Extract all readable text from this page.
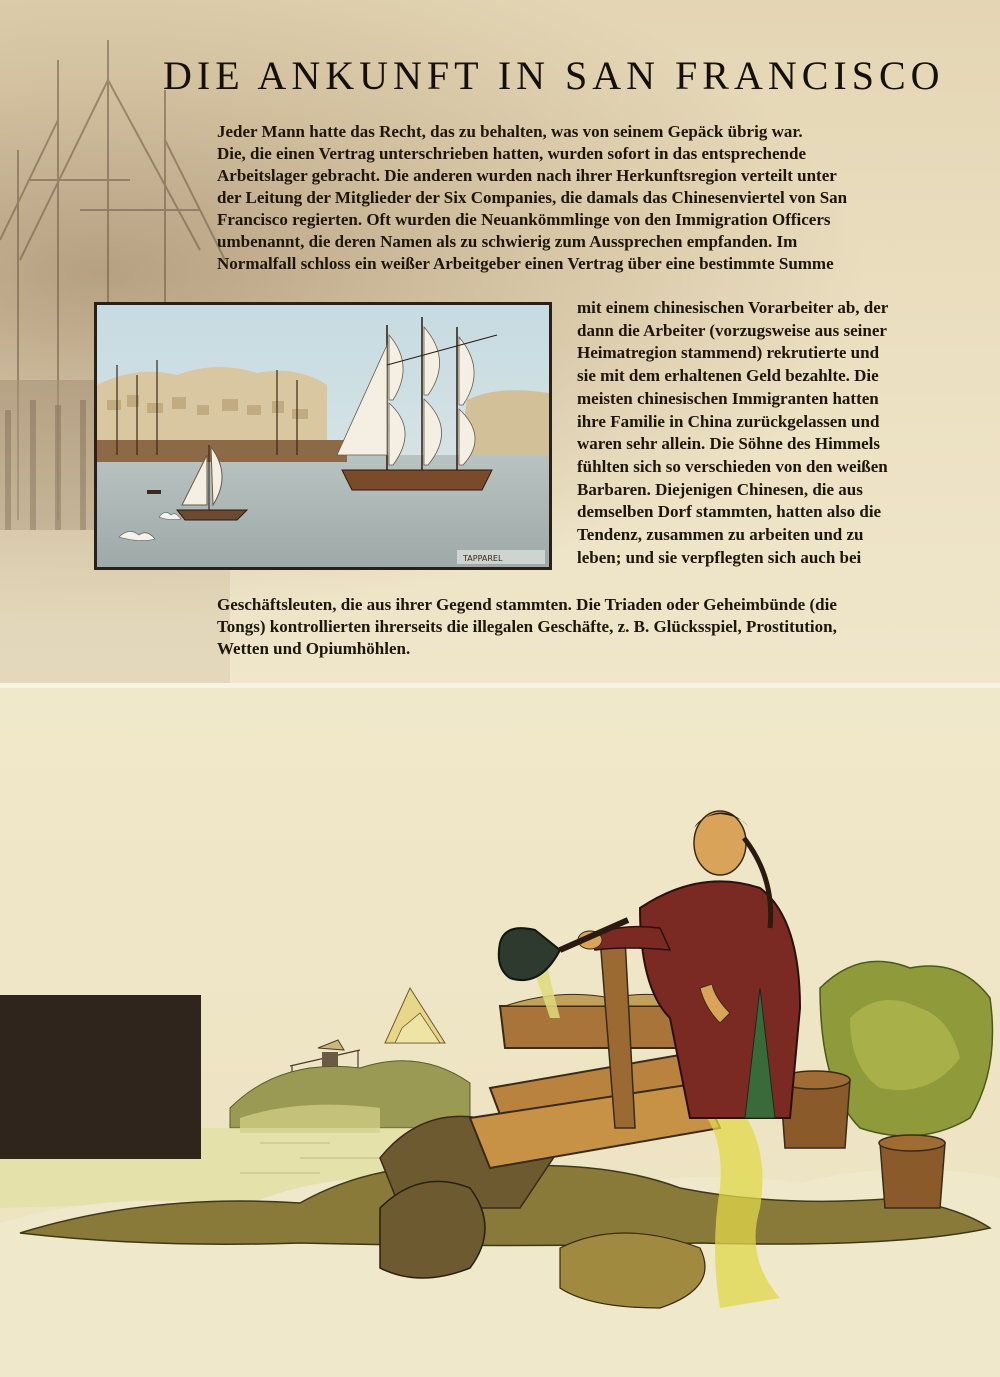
DIE ANKUNFT IN SAN FRANCISCO
Jeder Mann hatte das Recht, das zu behalten, was von seinem Gepäck übrig war.
Die, die einen Vertrag unterschrieben hatten, wurden sofort in das entsprechende
Arbeitslager gebracht. Die anderen wurden nach ihrer Herkunftsregion verteilt unter
der Leitung der Mitglieder der Six Companies, die damals das Chinesenviertel von San
Francisco regierten. Oft wurden die Neuankömmlinge von den Immigration Officers
umbenannt, die deren Namen als zu schwierig zum Aussprechen empfanden. Im
Normalfall schloss ein weißer Arbeitgeber einen Vertrag über eine bestimmte Summe
TAPPAREL
mit einem chinesischen Vorarbeiter ab, der
dann die Arbeiter (vorzugsweise aus seiner
Heimatregion stammend) rekrutierte und
sie mit dem erhaltenen Geld bezahlte. Die
meisten chinesischen Immigranten hatten
ihre Familie in China zurückgelassen und
waren sehr allein. Die Söhne des Himmels
fühlten sich so verschieden von den weißen
Barbaren. Diejenigen Chinesen, die aus
demselben Dorf stammten, hatten also die
Tendenz, zusammen zu arbeiten und zu
leben; und sie verpflegten sich auch bei
Geschäftsleuten, die aus ihrer Gegend stammten. Die Triaden oder Geheimbünde (die
Tongs) kontrollierten ihrerseits die illegalen Geschäfte, z. B. Glücksspiel, Prostitution,
Wetten und Opiumhöhlen.
